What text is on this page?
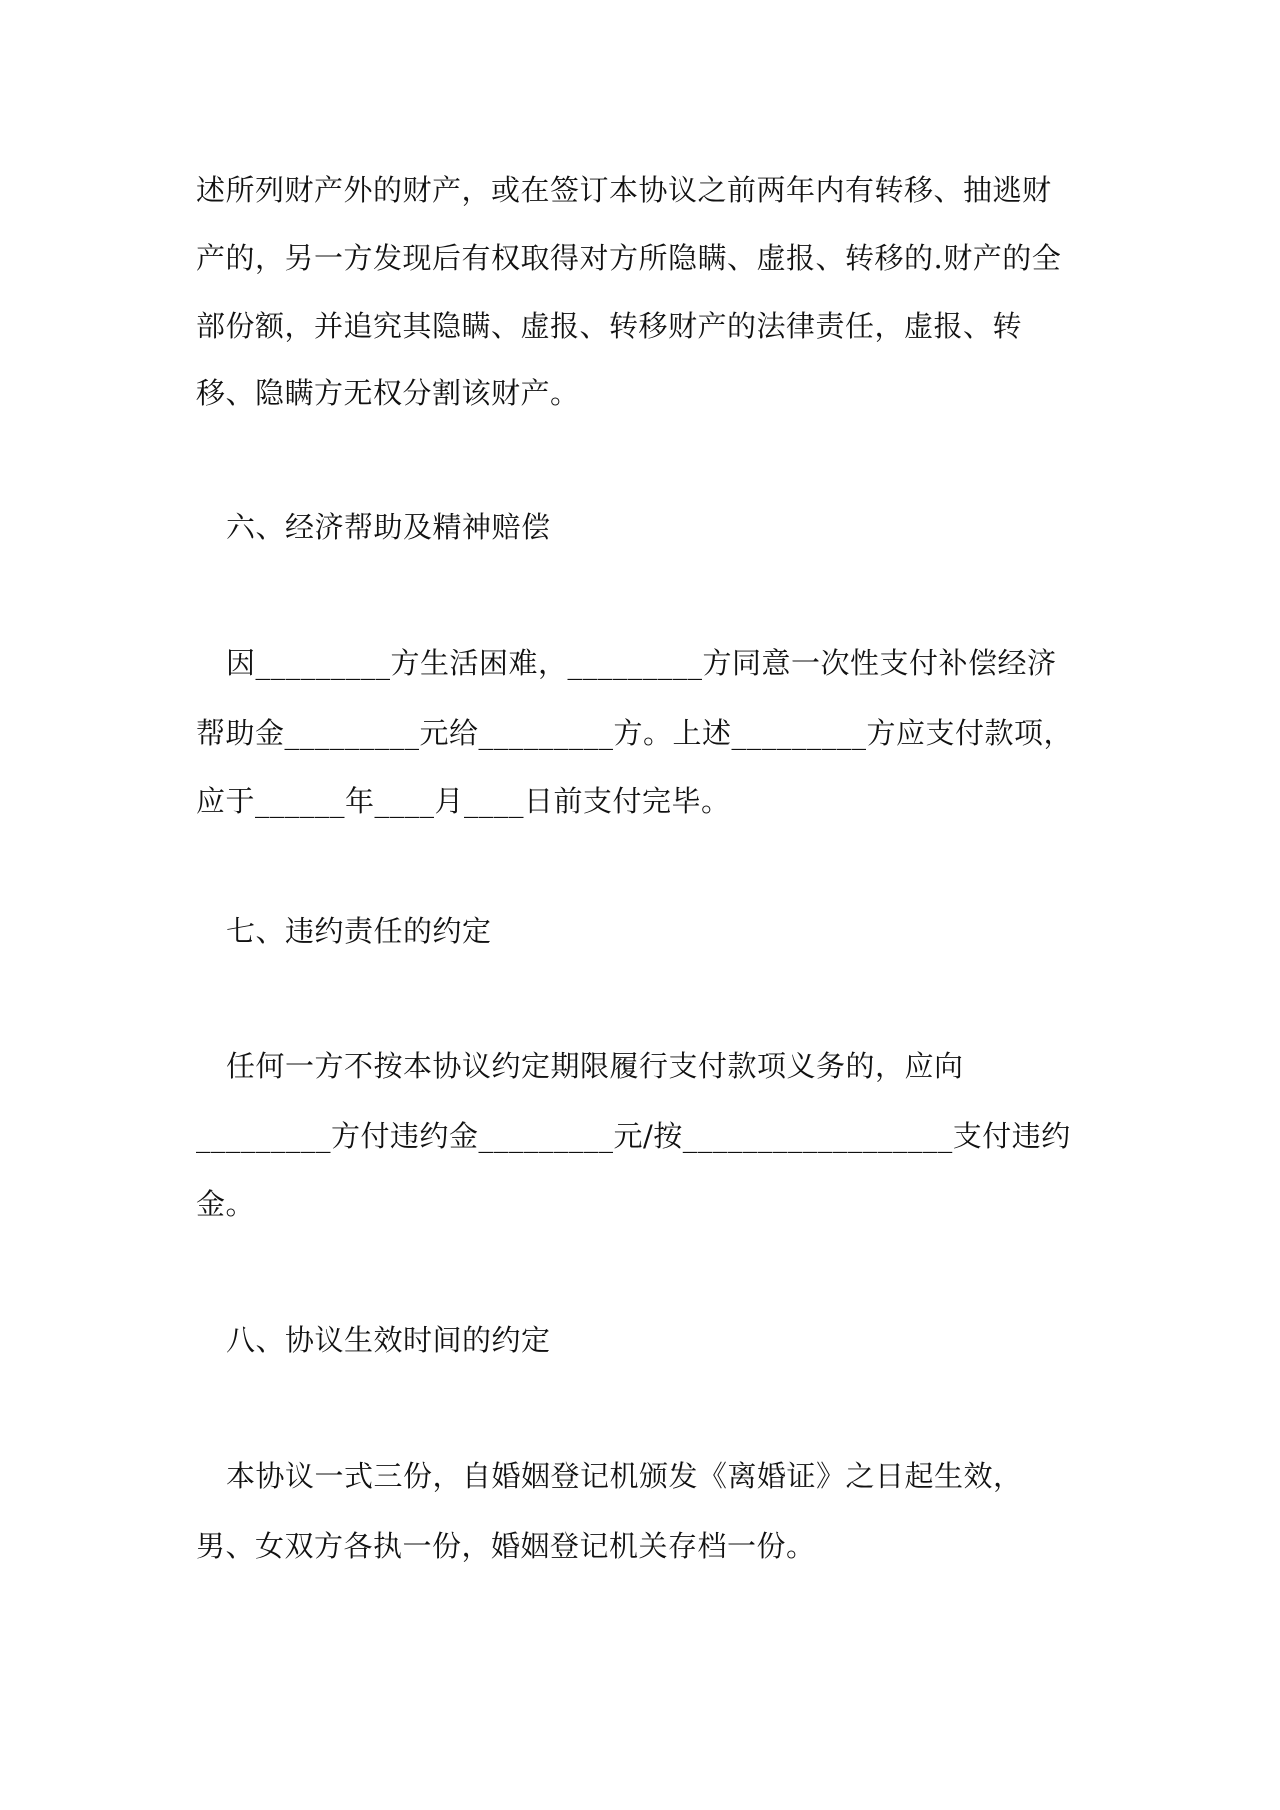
述所列财产外的财产，或在签订本协议之前两年内有转移、抽逃财
产的，另一方发现后有权取得对方所隐瞒、虚报、转移的.财产的全
部份额，并追究其隐瞒、虚报、转移财产的法律责任，虚报、转
移、隐瞒方无权分割该财产。
六、经济帮助及精神赔偿
因_________方生活困难，_________方同意一次性支付补偿经济
帮助金_________元给_________方。上述_________方应支付款项，
应于______年____月____日前支付完毕。
七、违约责任的约定
任何一方不按本协议约定期限履行支付款项义务的，应向
_________方付违约金_________元/按__________________支付违约
金。
八、协议生效时间的约定
本协议一式三份，自婚姻登记机颁发《离婚证》之日起生效，
男、女双方各执一份，婚姻登记机关存档一份。
